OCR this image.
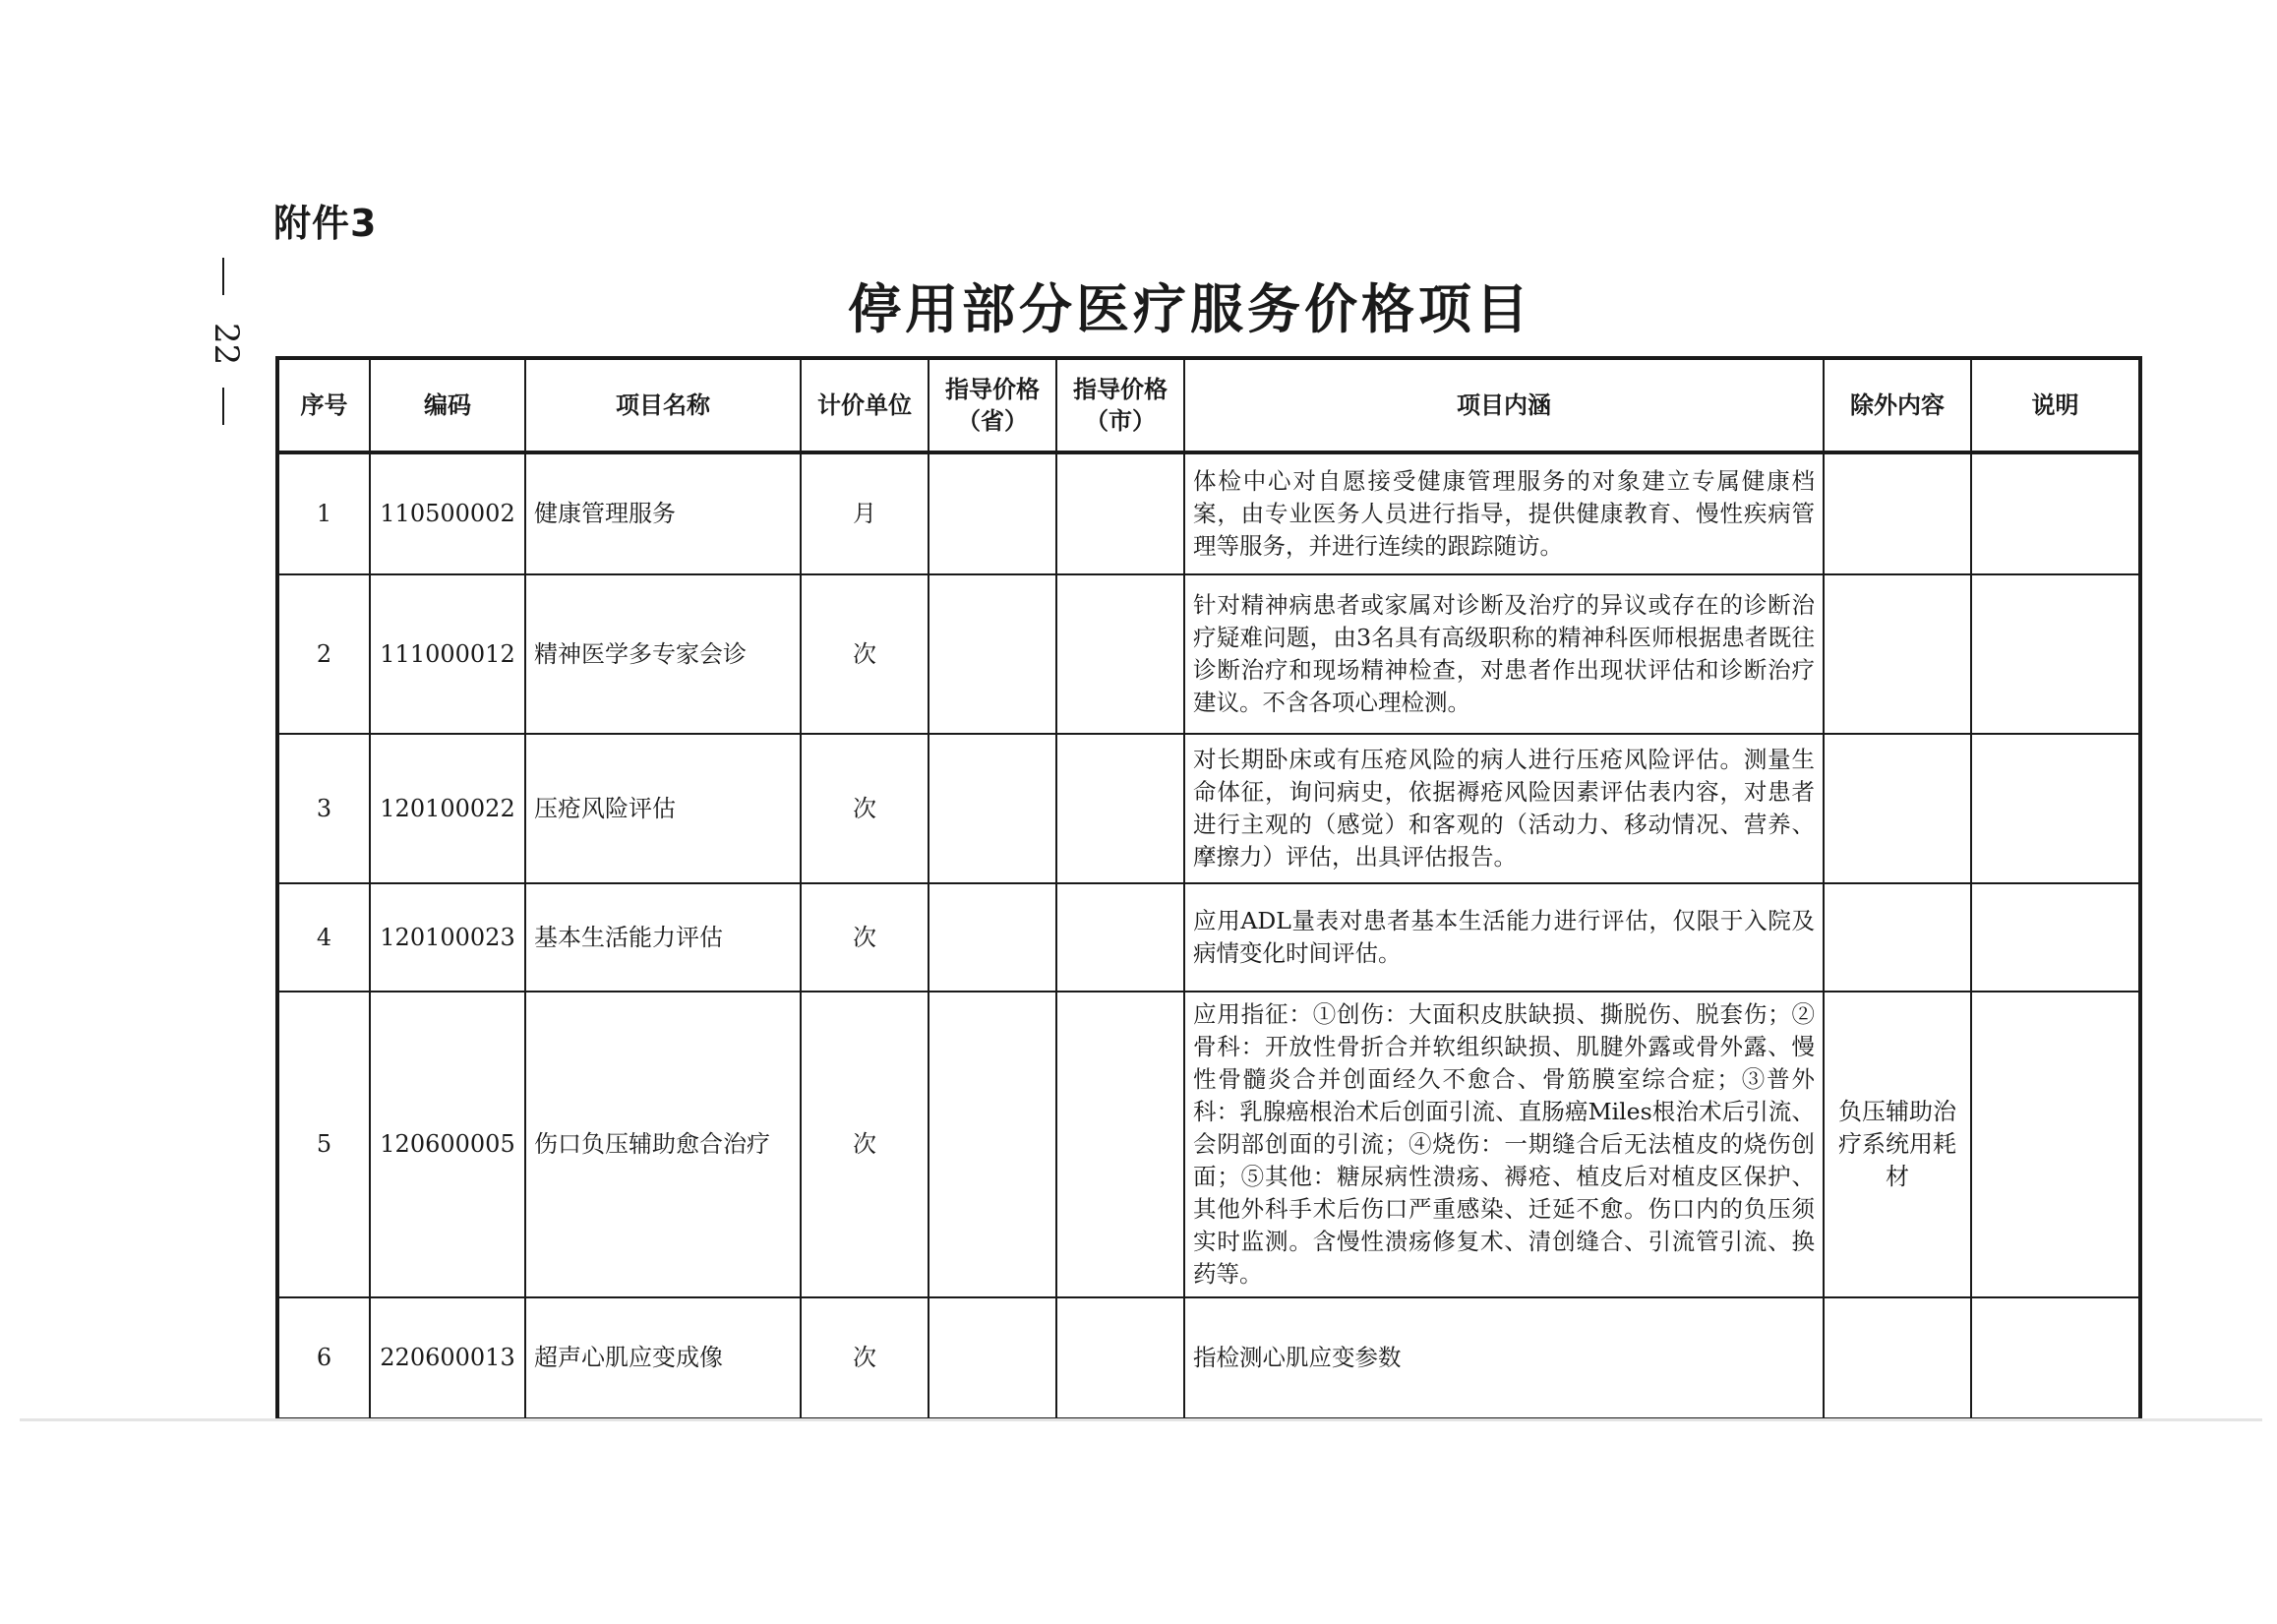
附件3
22
停用部分医疗服务价格项目
序号	编码	项目名称	计价单位	指导价格（省）	指导价格（市）	项目内涵	除外内容	说明
1	110500002	健康管理服务	月			体检中心对自愿接受健康管理服务的对象建立专属健康档案，由专业医务人员进行指导，提供健康教育、慢性疾病管理等服务，并进行连续的跟踪随访。		
2	111000012	精神医学多专家会诊	次			针对精神病患者或家属对诊断及治疗的异议或存在的诊断治疗疑难问题，由3名具有高级职称的精神科医师根据患者既往诊断治疗和现场精神检查，对患者作出现状评估和诊断治疗建议。不含各项心理检测。		
3	120100022	压疮风险评估	次			对长期卧床或有压疮风险的病人进行压疮风险评估。测量生命体征，询问病史，依据褥疮风险因素评估表内容，对患者进行主观的（感觉）和客观的（活动力、移动情况、营养、摩擦力）评估，出具评估报告。		
4	120100023	基本生活能力评估	次			应用ADL量表对患者基本生活能力进行评估，仅限于入院及病情变化时间评估。		
5	120600005	伤口负压辅助愈合治疗	次			应用指征：①创伤：大面积皮肤缺损、撕脱伤、脱套伤；②骨科：开放性骨折合并软组织缺损、肌腱外露或骨外露、慢性骨髓炎合并创面经久不愈合、骨筋膜室综合症；③普外科：乳腺癌根治术后创面引流、直肠癌Miles根治术后引流、会阴部创面的引流；④烧伤：一期缝合后无法植皮的烧伤创面；⑤其他：糖尿病性溃疡、褥疮、植皮后对植皮区保护、其他外科手术后伤口严重感染、迁延不愈。伤口内的负压须实时监测。含慢性溃疡修复术、清创缝合、引流管引流、换药等。	负压辅助治疗系统用耗材	
6	220600013	超声心肌应变成像	次			指检测心肌应变参数		
